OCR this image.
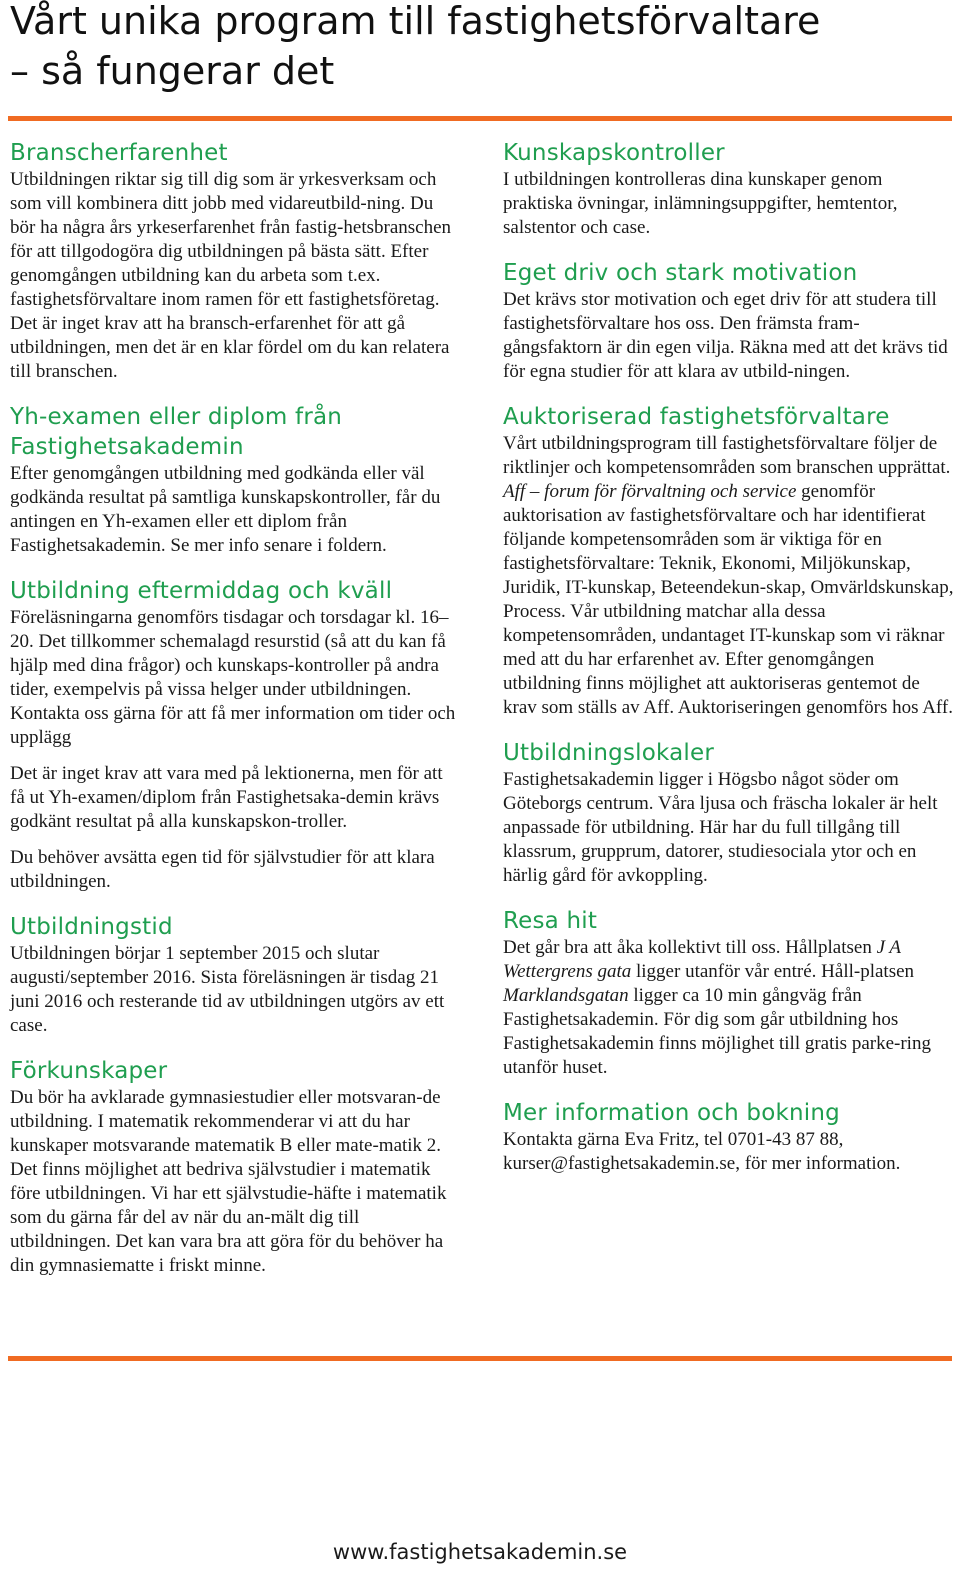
Vårt unika program till fastighetsförvaltare
– så fungerar det
Branscherfarenhet

Utbildningen riktar sig till dig som är yrkesverksam och som vill kombinera ditt jobb med vidareutbild-ning. Du bör ha några års yrkeserfarenhet från fastig-hetsbranschen för att tillgodogöra dig utbildningen på bästa sätt. Efter genomgången utbildning kan du arbeta som t.ex. fastighetsförvaltare inom ramen för ett fastighetsföretag. Det är inget krav att ha bransch-erfarenhet för att gå utbildningen, men det är en klar fördel om du kan relatera till branschen.

Yh-examen eller diplom från Fastighetsakademin

Efter genomgången utbildning med godkända eller väl godkända resultat på samtliga kunskapskontroller, får du antingen en Yh-examen eller ett diplom från Fastighetsakademin. Se mer info senare i foldern.

Utbildning eftermiddag och kväll

Föreläsningarna genomförs tisdagar och torsdagar kl. 16–20. Det tillkommer schemalagd resurstid (så att du kan få hjälp med dina frågor) och kunskaps-kontroller på andra tider, exempelvis på vissa helger under utbildningen. Kontakta oss gärna för att få mer information om tider och upplägg

Det är inget krav att vara med på lektionerna, men för att få ut Yh-examen/diplom från Fastighetsaka-demin krävs godkänt resultat på alla kunskapskon-troller.

Du behöver avsätta egen tid för självstudier för att klara utbildningen.

Utbildningstid

Utbildningen börjar 1 september 2015 och slutar augusti/september 2016. Sista föreläsningen är tisdag 21 juni 2016 och resterande tid av utbildningen utgörs av ett case.

Förkunskaper

Du bör ha avklarade gymnasiestudier eller motsvaran-de utbildning. I matematik rekommenderar vi att du har kunskaper motsvarande matematik B eller mate-matik 2. Det finns möjlighet att bedriva självstudier i matematik före utbildningen. Vi har ett självstudie-häfte i matematik som du gärna får del av när du an-mält dig till utbildningen. Det kan vara bra att göra för du behöver ha din gymnasiematte i friskt minne.

Kunskapskontroller

I utbildningen kontrolleras dina kunskaper genom praktiska övningar, inlämningsuppgifter, hemtentor, salstentor och case.

Eget driv och stark motivation

Det krävs stor motivation och eget driv för att studera till fastighetsförvaltare hos oss. Den främsta fram-gångsfaktorn är din egen vilja. Räkna med att det krävs tid för egna studier för att klara av utbild-ningen.

Auktoriserad fastighetsförvaltare

Vårt utbildningsprogram till fastighetsförvaltare följer de riktlinjer och kompetensområden som branschen upprättat. Aff – forum för förvaltning och service genomför auktorisation av fastighetsförvaltare och har identifierat följande kompetensområden som är viktiga för en fastighetsförvaltare: Teknik, Ekonomi, Miljökunskap, Juridik, IT-kunskap, Beteendekun-skap, Omvärldskunskap, Process. Vår utbildning matchar alla dessa kompetensområden, undantaget IT-kunskap som vi räknar med att du har erfarenhet av. Efter genomgången utbildning finns möjlighet att auktoriseras gentemot de krav som ställs av Aff. Auktoriseringen genomförs hos Aff.

Utbildningslokaler

Fastighetsakademin ligger i Högsbo något söder om Göteborgs centrum. Våra ljusa och fräscha lokaler är helt anpassade för utbildning. Här har du full tillgång till klassrum, grupprum, datorer, studiesociala ytor och en härlig gård för avkoppling.

Resa hit

Det går bra att åka kollektivt till oss. Hållplatsen J A Wettergrens gata ligger utanför vår entré. Håll-platsen Marklandsgatan ligger ca 10 min gångväg från Fastighetsakademin. För dig som går utbildning hos Fastighetsakademin finns möjlighet till gratis parke-ring utanför huset.

Mer information och bokning

Kontakta gärna Eva Fritz, tel 0701-43 87 88, kurser@fastighetsakademin.se, för mer information.

www.fastighetsakademin.se
